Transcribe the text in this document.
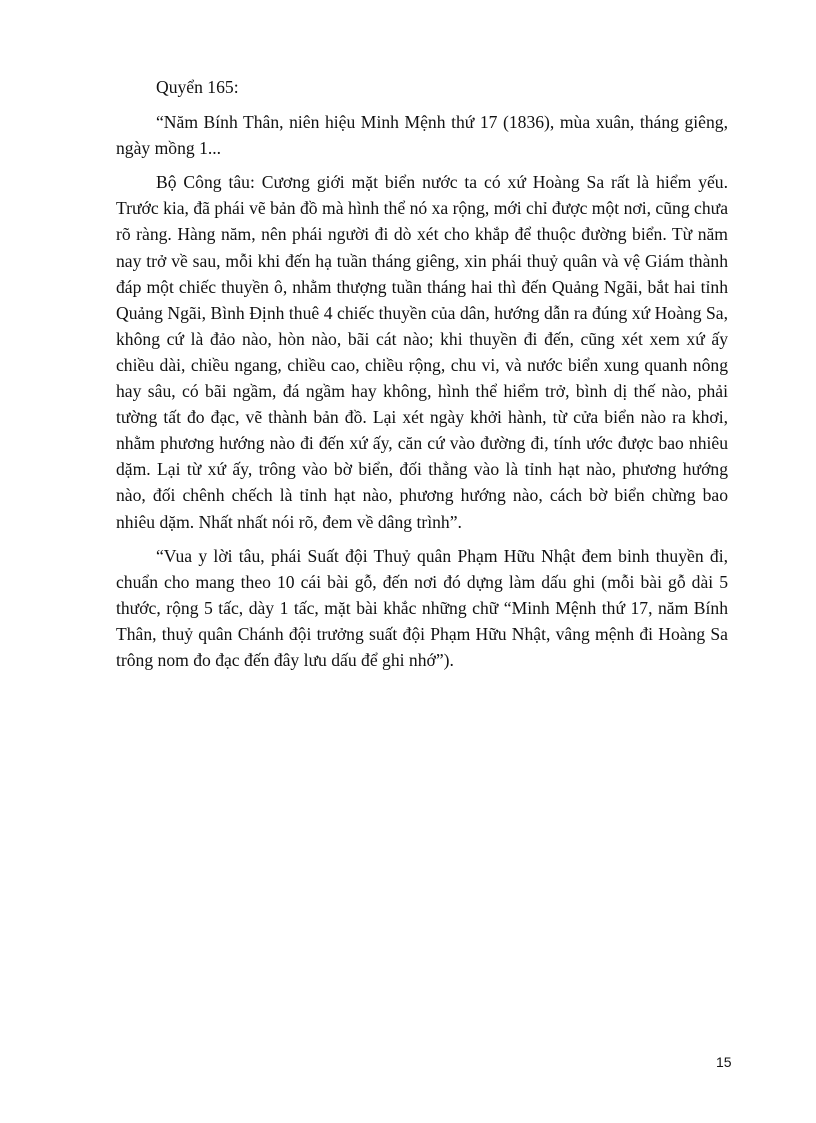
Quyển 165:

“Năm Bính Thân, niên hiệu Minh Mệnh thứ 17 (1836), mùa xuân, tháng giêng, ngày mồng 1...

Bộ Công tâu: Cương giới mặt biển nước ta có xứ Hoàng Sa rất là hiểm yếu. Trước kia, đã phái vẽ bản đồ mà hình thể nó xa rộng, mới chỉ được một nơi, cũng chưa rõ ràng. Hàng năm, nên phái người đi dò xét cho khắp để thuộc đường biển. Từ năm nay trở về sau, mỗi khi đến hạ tuần tháng giêng, xin phái thuỷ quân và vệ Giám thành đáp một chiếc thuyền ô, nhằm thượng tuần tháng hai thì đến Quảng Ngãi, bắt hai tỉnh Quảng Ngãi, Bình Định thuê 4 chiếc thuyền của dân, hướng dẫn ra đúng xứ Hoàng Sa, không cứ là đảo nào, hòn nào, bãi cát nào; khi thuyền đi đến, cũng xét xem xứ ấy chiều dài, chiều ngang, chiều cao, chiều rộng, chu vi, và nước biển xung quanh nông hay sâu, có bãi ngầm, đá ngầm hay không, hình thể hiểm trở, bình dị thế nào, phải tường tất đo đạc, vẽ thành bản đồ. Lại xét ngày khởi hành, từ cửa biển nào ra khơi, nhằm phương hướng nào đi đến xứ ấy, căn cứ vào đường đi, tính ước được bao nhiêu dặm. Lại từ xứ ấy, trông vào bờ biển, đối thẳng vào là tỉnh hạt nào, phương hướng nào, đối chênh chếch là tỉnh hạt nào, phương hướng nào, cách bờ biển chừng bao nhiêu dặm. Nhất nhất nói rõ, đem về dâng trình”.

“Vua y lời tâu, phái Suất đội Thuỷ quân Phạm Hữu Nhật đem binh thuyền đi, chuẩn cho mang theo 10 cái bài gỗ, đến nơi đó dựng làm dấu ghi (mỗi bài gỗ dài 5 thước, rộng 5 tấc, dày 1 tấc, mặt bài khắc những chữ “Minh Mệnh thứ 17, năm Bính Thân, thuỷ quân Chánh đội trưởng suất đội Phạm Hữu Nhật, vâng mệnh đi Hoàng Sa trông nom đo đạc đến đây lưu dấu để ghi nhớ”).

15
